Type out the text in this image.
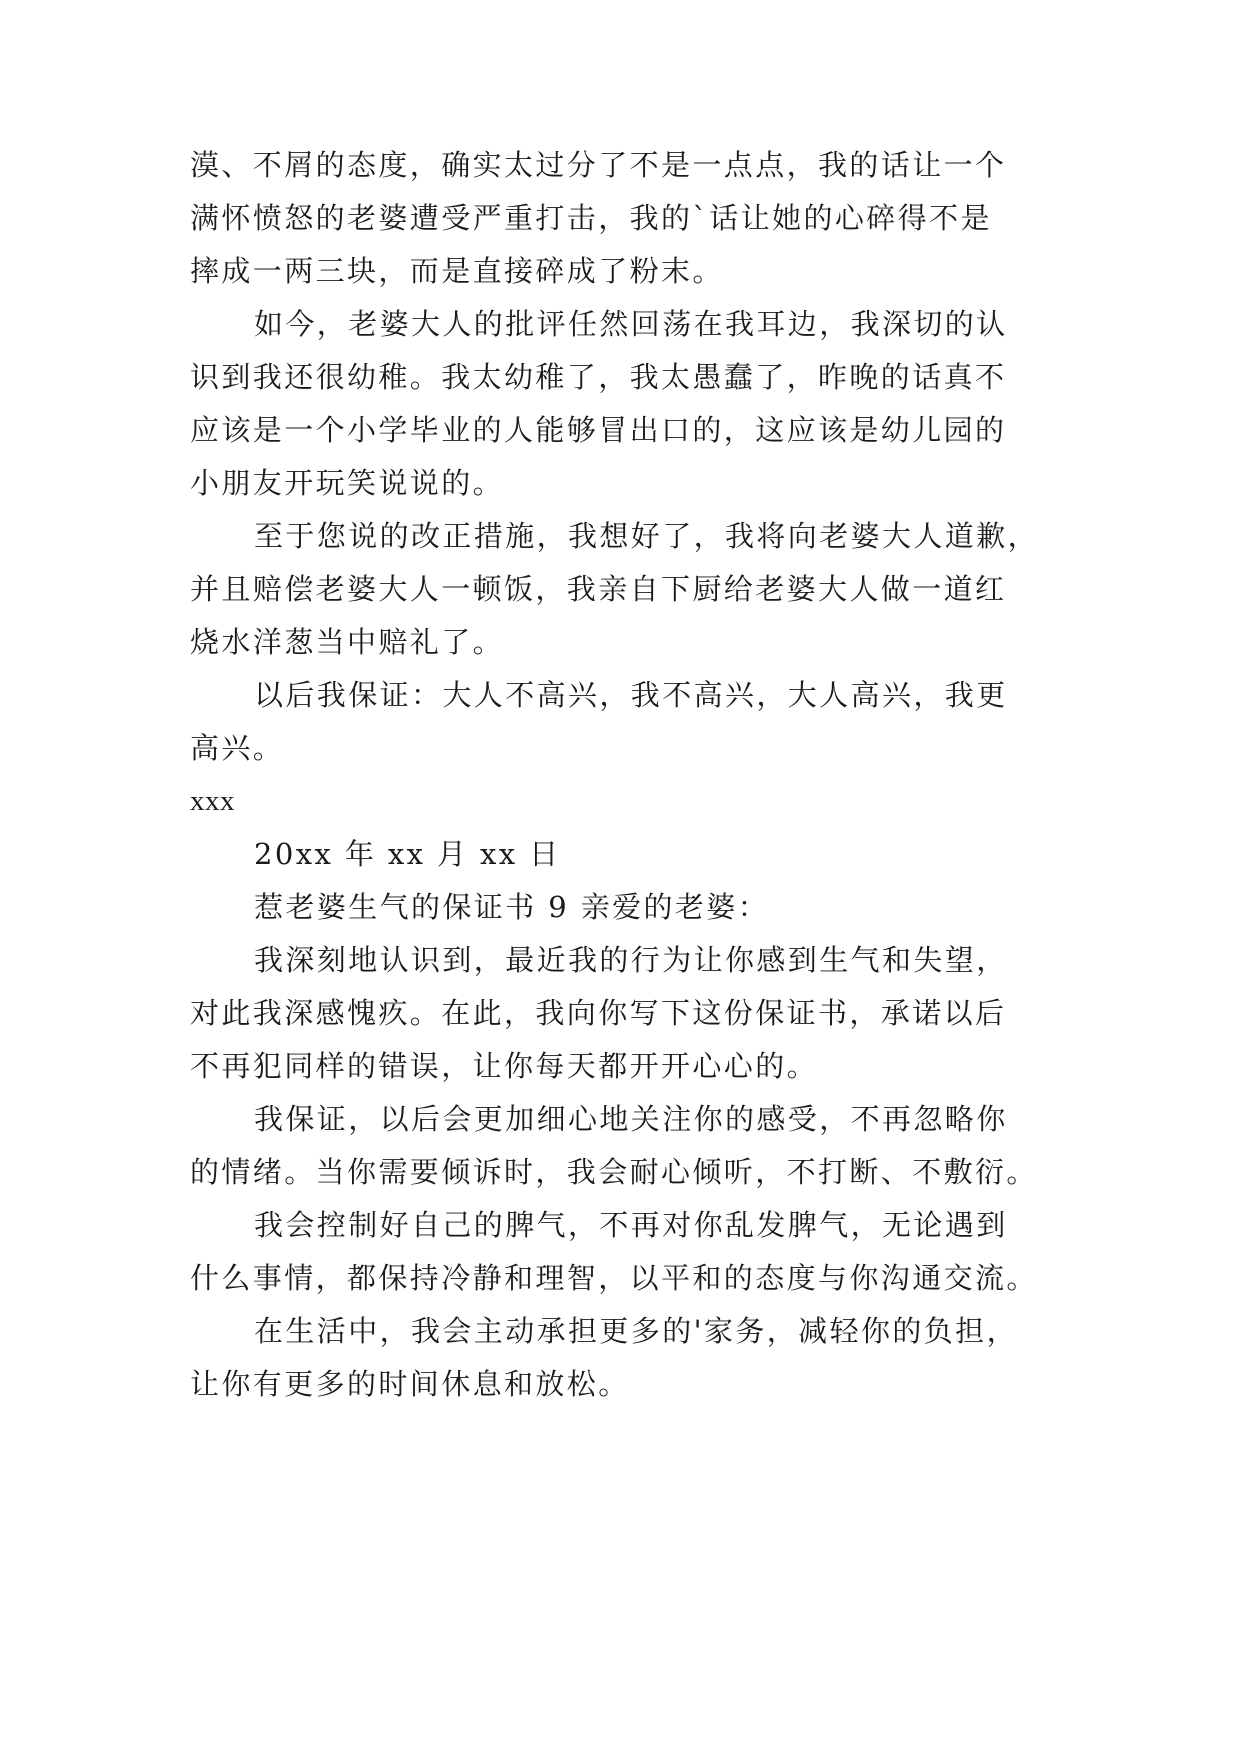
漠、不屑的态度，确实太过分了不是一点点，我的话让一个

满怀愤怒的老婆遭受严重打击，我的`话让她的心碎得不是

摔成一两三块，而是直接碎成了粉末。

如今，老婆大人的批评任然回荡在我耳边，我深切的认

识到我还很幼稚。我太幼稚了，我太愚蠢了，昨晚的话真不

应该是一个小学毕业的人能够冒出口的，这应该是幼儿园的

小朋友开玩笑说说的。

至于您说的改正措施，我想好了，我将向老婆大人道歉，

并且赔偿老婆大人一顿饭，我亲自下厨给老婆大人做一道红

烧水洋葱当中赔礼了。

以后我保证：大人不高兴，我不高兴，大人高兴，我更

高兴。

xxx

20xx 年 xx 月 xx 日

惹老婆生气的保证书 9 亲爱的老婆：

我深刻地认识到，最近我的行为让你感到生气和失望，

对此我深感愧疚。在此，我向你写下这份保证书，承诺以后

不再犯同样的错误，让你每天都开开心心的。

我保证，以后会更加细心地关注你的感受，不再忽略你

的情绪。当你需要倾诉时，我会耐心倾听，不打断、不敷衍。

我会控制好自己的脾气，不再对你乱发脾气，无论遇到

什么事情，都保持冷静和理智，以平和的态度与你沟通交流。

在生活中，我会主动承担更多的'家务，减轻你的负担，

让你有更多的时间休息和放松。
